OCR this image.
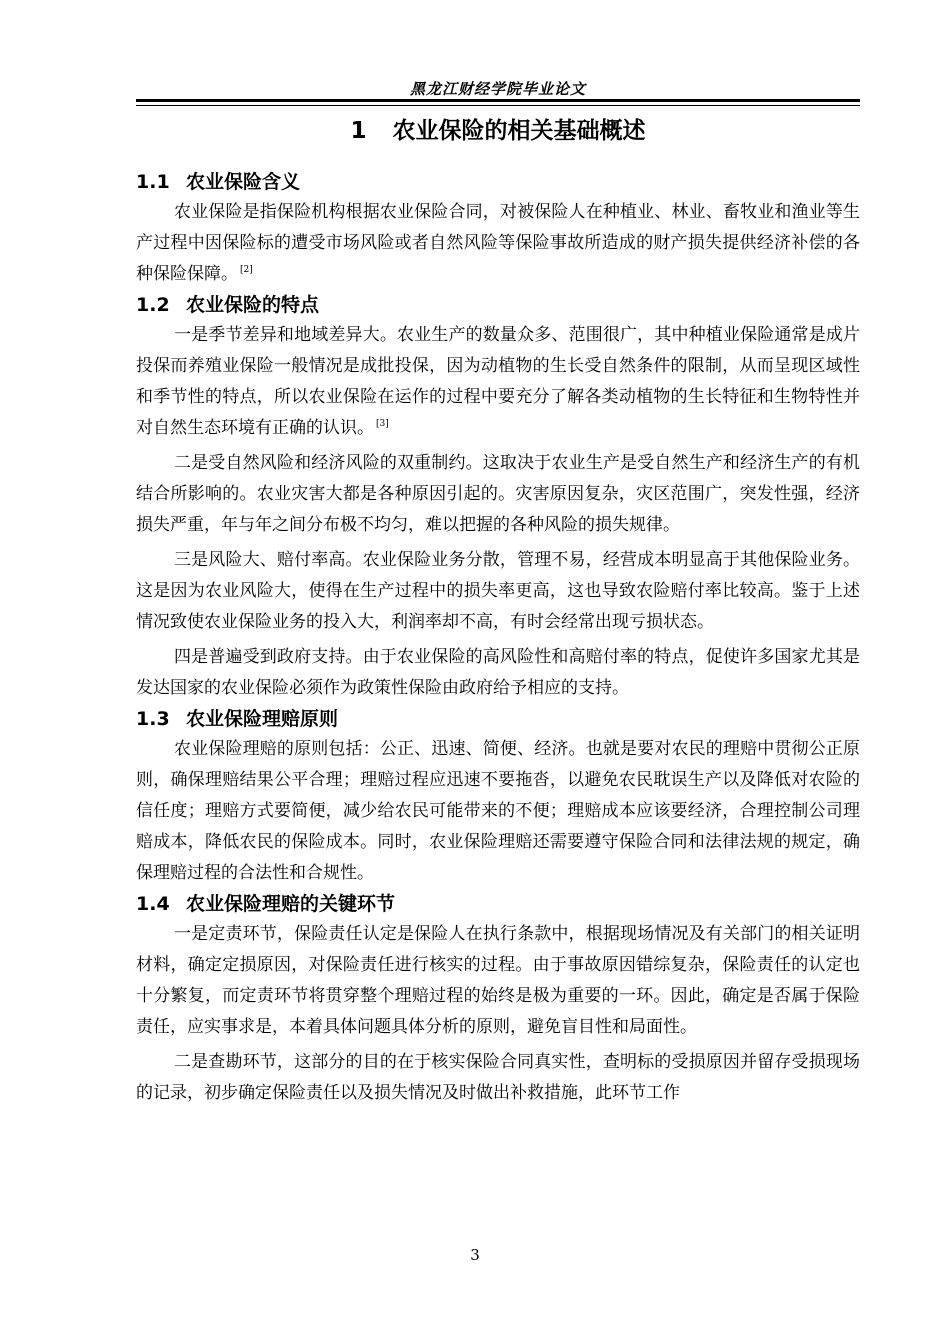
黑龙江财经学院毕业论文
1 农业保险的相关基础概述
1.1 农业保险含义

农业保险是指保险机构根据农业保险合同，对被保险人在种植业、林业、畜牧业和渔业等生产过程中因保险标的遭受市场风险或者自然风险等保险事故所造成的财产损失提供经济补偿的各种保险保障。 [2]

1.2 农业保险的特点

一是季节差异和地域差异大。农业生产的数量众多、范围很广，其中种植业保险通常是成片投保而养殖业保险一般情况是成批投保，因为动植物的生长受自然条件的限制，从而呈现区域性和季节性的特点，所以农业保险在运作的过程中要充分了解各类动植物的生长特征和生物特性并对自然生态环境有正确的认识。 [3]

二是受自然风险和经济风险的双重制约。这取决于农业生产是受自然生产和经济生产的有机结合所影响的。农业灾害大都是各种原因引起的。灾害原因复杂，灾区范围广，突发性强，经济损失严重，年与年之间分布极不均匀，难以把握的各种风险的损失规律。

三是风险大、赔付率高。农业保险业务分散，管理不易，经营成本明显高于其他保险业务。这是因为农业风险大，使得在生产过程中的损失率更高，这也导致农险赔付率比较高。鉴于上述情况致使农业保险业务的投入大，利润率却不高，有时会经常出现亏损状态。

四是普遍受到政府支持。由于农业保险的高风险性和高赔付率的特点，促使许多国家尤其是发达国家的农业保险必须作为政策性保险由政府给予相应的支持。

1.3 农业保险理赔原则

农业保险理赔的原则包括：公正、迅速、简便、经济。也就是要对农民的理赔中贯彻公正原则，确保理赔结果公平合理；理赔过程应迅速不要拖沓，以避免农民耽误生产以及降低对农险的信任度；理赔方式要简便，减少给农民可能带来的不便；理赔成本应该要经济，合理控制公司理赔成本，降低农民的保险成本。同时，农业保险理赔还需要遵守保险合同和法律法规的规定，确保理赔过程的合法性和合规性。

1.4 农业保险理赔的关键环节

一是定责环节，保险责任认定是保险人在执行条款中，根据现场情况及有关部门的相关证明材料，确定定损原因，对保险责任进行核实的过程。由于事故原因错综复杂，保险责任的认定也十分繁复，而定责环节将贯穿整个理赔过程的始终是极为重要的一环。因此，确定是否属于保险责任，应实事求是，本着具体问题具体分析的原则，避免盲目性和局面性。

二是查勘环节，这部分的目的在于核实保险合同真实性，查明标的受损原因并留存受损现场的记录，初步确定保险责任以及损失情况及时做出补救措施，此环节工作

3
